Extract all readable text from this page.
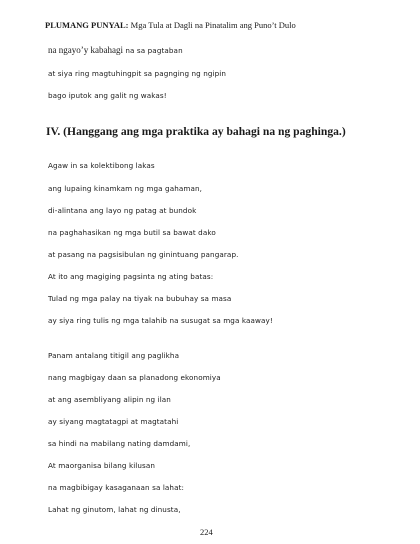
PLUMANG PUNYAL: Mga Tula at Dagli na Pinatalim ang Puno’t Dulo
na ngayo’y kabahagi na sa pagtaban
at siya ring magtuhingpit sa pagnging ng ngipin
bago iputok ang galit ng wakas!
IV. (Hanggang ang mga praktika ay bahagi na ng paghinga.)
Agaw in sa kolektibong lakas
ang lupaing kinamkam ng mga gahaman,
di-alintana ang layo ng patag at bundok
na paghahasikan ng mga butil sa bawat dako
at pasang na pagsisibulan ng ginintuang pangarap.
At ito ang magiging pagsinta ng ating batas:
Tulad ng mga palay na tiyak na bubuhay sa masa
ay siya ring tulis ng mga talahib na susugat sa mga kaaway!
Panam antalang titigil ang paglikha
nang magbigay daan sa planadong ekonomiya
at ang asembliyang alipin ng ilan
ay siyang magtatagpi at magtatahi
sa hindi na mabilang nating damdami,
At maorganisa bilang kilusan
na magbibigay kasaganaan sa lahat:
Lahat ng ginutom, lahat ng dinusta,
224
